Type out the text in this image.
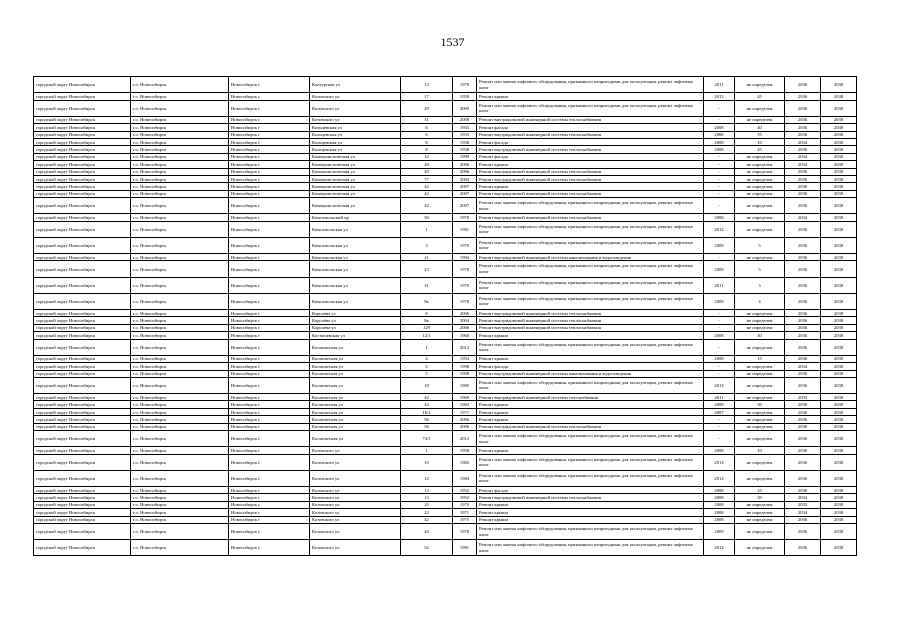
1537
городской округ Новосибирск	г.о. Новосибирск	Новосибирск г	Калтурская ул	13	1979	Ремонт или замена лифтового оборудования, признанного непригодным для эксплуатации, ремонт лифтовых шахт	2011	не определен	2036	2038
городской округ Новосибирск	г.о. Новосибирск	Новосибирск г	Котовского ул	17	1958	Ремонт крыши	2013	45	2036	2038
городской округ Новосибирск	г.о. Новосибирск	Новосибирск г	Котовского ул	29	2009	Ремонт или замена лифтового оборудования, признанного непригодным для эксплуатации, ремонт лифтовых шахт	-	не определен	2036	2038
городской округ Новосибирск	г.о. Новосибирск	Новосибирск г	Котовского ул	31	2008	Ремонт внутридомовой инженерной системы теплоснабжения	-	не определен	2036	2038
городской округ Новосибирск	г.о. Новосибирск	Новосибирск г	Кольцевская ул	6	1933	Ремонт фасада	2008	40	2036	2038
городской округ Новосибирск	г.о. Новосибирск	Новосибирск г	Кольцевская ул	6	1933	Ремонт внутридомовой инженерной системы теплоснабжения	2008	55	2036	2038
городской округ Новосибирск	г.о. Новосибирск	Новосибирск г	Кольцевская ул	8	1938	Ремонт фасада	2008	10	2034	2038
городской округ Новосибирск	г.о. Новосибирск	Новосибирск г	Кольцевская ул	8	1938	Ремонт внутридомовой инженерной системы теплоснабжения	2008	45	2036	2038
городской округ Новосибирск	г.о. Новосибирск	Новосибирск г	Коммунистическая ул	12	1999	Ремонт фасада	-	не определен	2034	2038
городской округ Новосибирск	г.о. Новосибирск	Новосибирск г	Коммунистическая ул	20	2006	Ремонт крыши	-	не определен	2034	2038
городской округ Новосибирск	г.о. Новосибирск	Новосибирск г	Коммунистическая ул	20	2006	Ремонт внутридомовой инженерной системы теплоснабжения	-	не определен	2036	2038
городской округ Новосибирск	г.о. Новосибирск	Новосибирск г	Коммунистическая ул	77	2004	Ремонт внутридомовой инженерной системы теплоснабжения	-	не определен	2036	2038
городской округ Новосибирск	г.о. Новосибирск	Новосибирск г	Коммунистическая ул	42	2007	Ремонт крыши	-	не определен	2036	2038
городской округ Новосибирск	г.о. Новосибирск	Новосибирск г	Коммунистическая ул	42	2007	Ремонт внутридомовой инженерной системы теплоснабжения	-	не определен	2036	2038
городской округ Новосибирск	г.о. Новосибирск	Новосибирск г	Коммунистическая ул	42	2007	Ремонт или замена лифтового оборудования, признанного непригодным для эксплуатации, ремонт лифтовых шахт	-	не определен	2036	2038
городской округ Новосибирск	г.о. Новосибирск	Новосибирск г	Комсомольский пр	50	1970	Ремонт внутридомовой инженерной системы теплоснабжения	2008	не определен	2034	2038
городской округ Новосибирск	г.о. Новосибирск	Новосибирск г	Комсомольская ул	1	1981	Ремонт или замена лифтового оборудования, признанного непригодным для эксплуатации, ремонт лифтовых шахт	2012	не определен	2036	2038
городской округ Новосибирск	г.о. Новосибирск	Новосибирск г	Комсомольская ул	3	1979	Ремонт или замена лифтового оборудования, признанного непригодным для эксплуатации, ремонт лифтовых шахт	2009	5	2036	2038
городской округ Новосибирск	г.о. Новосибирск	Новосибирск г	Комсомольская ул	21	1994	Ремонт внутридомовой инженерной системы канализования и водоотведения	-	не определен	2036	2038
городской округ Новосибирск	г.о. Новосибирск	Новосибирск г	Комсомольская ул	23	1978	Ремонт или замена лифтового оборудования, признанного непригодным для эксплуатации, ремонт лифтовых шахт	2009	5	2036	2038
городской округ Новосибирск	г.о. Новосибирск	Новосибирск г	Комсомольская ул	31	1979	Ремонт или замена лифтового оборудования, признанного непригодным для эксплуатации, ремонт лифтовых шахт	2011	3	2036	2038
городской округ Новосибирск	г.о. Новосибирск	Новосибирск г	Комсомольская ул	9к	1978	Ремонт или замена лифтового оборудования, признанного непригодным для эксплуатации, ремонт лифтовых шахт	2009	4	2036	2038
городской округ Новосибирск	г.о. Новосибирск	Новосибирск г	Королёва ул	8	2006	Ремонт внутридомовой инженерной системы теплоснабжения	-	не определен	2036	2038
городской округ Новосибирск	г.о. Новосибирск	Новосибирск г	Королёва ул	8к	2004	Ремонт внутридомовой инженерной системы теплоснабжения	-	не определен	2036	2038
городской округ Новосибирск	г.о. Новосибирск	Новосибирск г	Королёва ул	129	2006	Ремонт внутридомовой инженерной системы теплоснабжения	-	не определен	2036	2038
городской округ Новосибирск	г.о. Новосибирск	Новосибирск г	Костычевская ул	12/1	1960	Ремонт крыши	2008	30	2036	2038
городской округ Новосибирск	г.о. Новосибирск	Новосибирск г	Космическая ул	1	2012	Ремонт или замена лифтового оборудования, признанного непригодным для эксплуатации, ремонт лифтовых шахт	-	не определен	2036	2038
городской округ Новосибирск	г.о. Новосибирск	Новосибирск г	Космическая ул	4	1954	Ремонт крыши	2008	15	2036	2038
городской округ Новосибирск	г.о. Новосибирск	Новосибирск г	Космическая ул	5	1998	Ремонт фасада	-	не определен	2034	2038
городской округ Новосибирск	г.о. Новосибирск	Новосибирск г	Космическая ул	5	1998	Ремонт внутридомовой инженерной системы канализования и водоотведения	-	не определен	2036	2038
городской округ Новосибирск	г.о. Новосибирск	Новосибирск г	Космическая ул	18	1985	Ремонт или замена лифтового оборудования, признанного непригодным для эксплуатации, ремонт лифтовых шахт	2013	не определен	2036	2038
городской округ Новосибирск	г.о. Новосибирск	Новосибирск г	Космическая ул	42	1960	Ремонт внутридомовой инженерной системы газоснабжения	2011	не определен	2033	2038
городской округ Новосибирск	г.о. Новосибирск	Новосибирск г	Космическая ул	44	1963	Ремонт крыши	2008	30	2036	2038
городской округ Новосибирск	г.о. Новосибирск	Новосибирск г	Космическая ул	16/1	1971	Ремонт крыши	2007	не определен	2036	2038
городской округ Новосибирск	г.о. Новосибирск	Новосибирск г	Космическая ул	56	2006	Ремонт крыши	-	не определен	2036	2038
городской округ Новосибирск	г.о. Новосибирск	Новосибирск г	Космическая ул	56	2006	Ремонт внутридомовой инженерной системы теплоснабжения	-	не определен	2036	2038
городской округ Новосибирск	г.о. Новосибирск	Новосибирск г	Космическая ул	74/1	2012	Ремонт или замена лифтового оборудования, признанного непригодным для эксплуатации, ремонт лифтовых шахт	-	не определен	2036	2038
городской округ Новосибирск	г.о. Новосибирск	Новосибирск г	Котовского ул	1	1958	Ремонт крыши	2008	10	2036	2038
городской округ Новосибирск	г.о. Новосибирск	Новосибирск г	Котовского ул	10	1982	Ремонт или замена лифтового оборудования, признанного непригодным для эксплуатации, ремонт лифтовых шахт	2013	не определен	2036	2038
городской округ Новосибирск	г.о. Новосибирск	Новосибирск г	Котовского ул	12	1984	Ремонт или замена лифтового оборудования, признанного непригодным для эксплуатации, ремонт лифтовых шахт	2012	не определен	2036	2038
городской округ Новосибирск	г.о. Новосибирск	Новосибирск г	Котовского ул	13	1952	Ремонт фасада	2008	25	2036	2038
городской округ Новосибирск	г.о. Новосибирск	Новосибирск г	Котовского ул	13	1952	Ремонт внутридомовой инженерной системы теплоснабжения	2008	39	2034	2038
городской округ Новосибирск	г.о. Новосибирск	Новосибирск г	Котовского ул	20	1970	Ремонт крыши	2008	не определен	2033	2038
городской округ Новосибирск	г.о. Новосибирск	Новосибирск г	Котовского ул	22	1971	Ремонт крыши	2008	не определен	2034	2038
городской округ Новосибирск	г.о. Новосибирск	Новосибирск г	Котовского ул	42	1975	Ремонт крыши	2008	не определен	2036	2038
городской округ Новосибирск	г.о. Новосибирск	Новосибирск г	Котовского ул	44	1978	Ремонт или замена лифтового оборудования, признанного непригодным для эксплуатации, ремонт лифтовых шахт	2009	не определен	2036	2038
городской округ Новосибирск	г.о. Новосибирск	Новосибирск г	Котовского ул	52	1981	Ремонт или замена лифтового оборудования, признанного непригодным для эксплуатации, ремонт лифтовых шахт	2012	не определен	2036	2038
